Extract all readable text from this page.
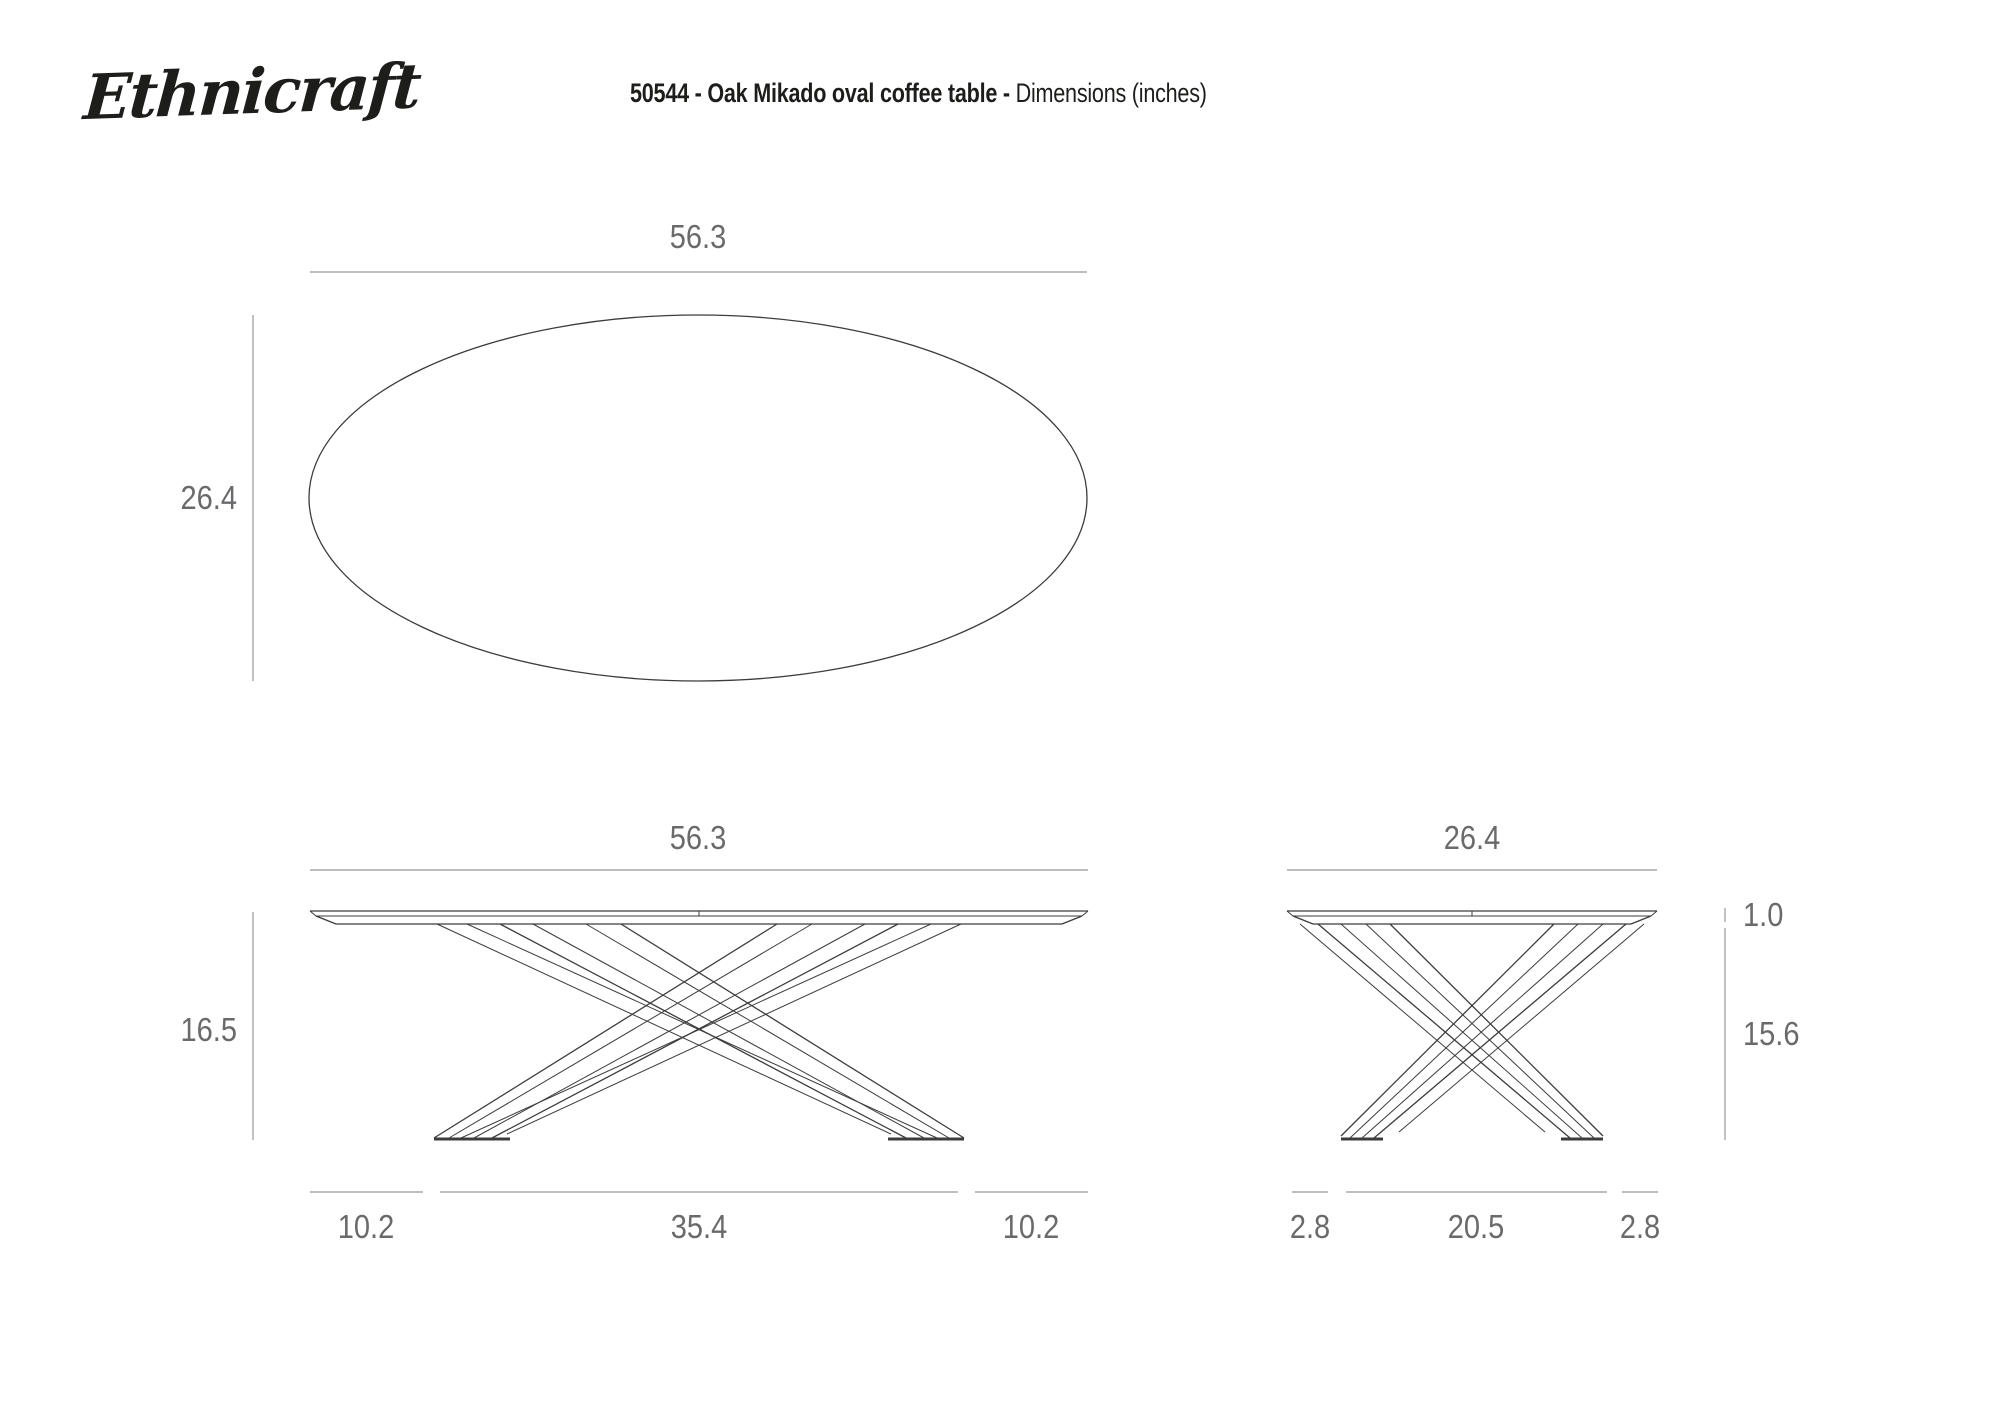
Ethnicraft	50544 - Oak Mikado oval coffee table - Dimensions (inches)
56.3
26.4
56.3
16.5
10.2	35.4	10.2
26.4
1.0
15.6
2.8	20.5	2.8
